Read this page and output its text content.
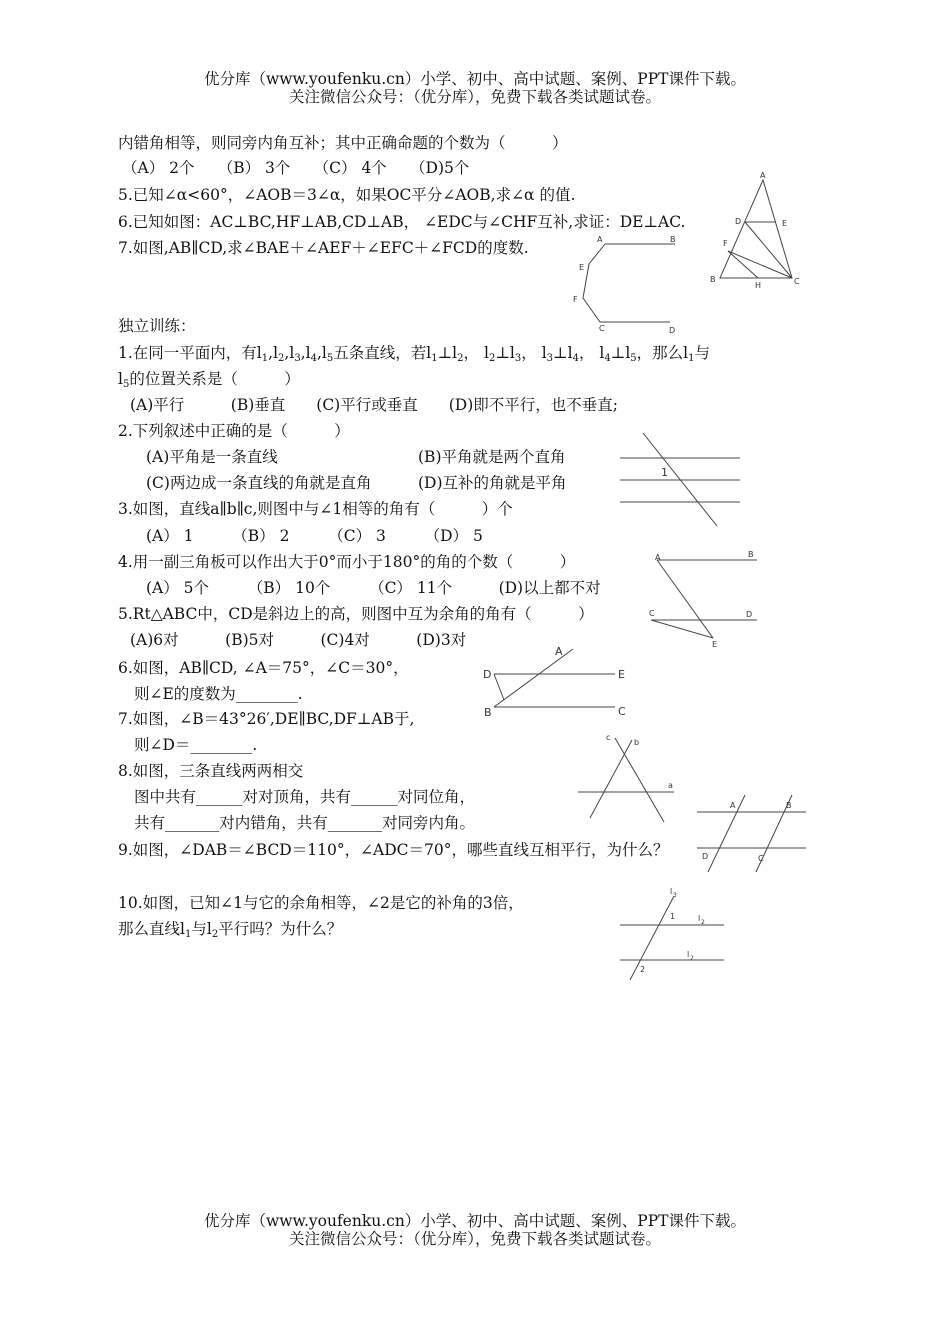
优分库（www.youfenku.cn）小学、初中、高中试题、案例、PPT课件下载。
关注微信公众号：（优分库），免费下载各类试题试卷。
内错角相等，则同旁内角互补；其中正确命题的个数为（　　　）
（A） 2个　　（B） 3个　　（C） 4个　　（D)5个
5.已知∠α<60°，∠AOB＝3∠α，如果OC平分∠AOB,求∠α 的值.
6.已知如图：AC⊥BC,HF⊥AB,CD⊥AB， ∠EDC与∠CHF互补,求证：DE⊥AC.
7.如图,AB∥CD,求∠BAE＋∠AEF＋∠EFC＋∠FCD的度数.
A
D	E
F
B
H	C
A	B
E
F
C	D
独立训练：
1.在同一平面内，有$l_1,l_2,l_3,l_4,l_5$五条直线，若$l_1\perp l_2$， $l_2\perp l_3$， $l_3\perp l_4$， $l_4\perp l_5$，那么$l_1$与
$l_5$的位置关系是（　　　）
(A)平行　　　(B)垂直　　(C)平行或垂直　　(D)即不平行，也不垂直;
2.下列叙述中正确的是（　　　）
(A)平角是一条直线	(B)平角就是两个直角
(C)两边成一条直线的角就是直角	(D)互补的角就是平角
1
3.如图，直线a∥b∥c,则图中与∠1相等的角有（　　　）个
(A） 1　　　（B） 2　　　（C） 3　　　（D） 5
4.用一副三角板可以作出大于0°而小于180°的角的个数（　　　）
(A） 5个　　　（B） 10个　　　（C） 11个　　　(D)以上都不对
A	B
C	D
E
5.Rt△ABC中，CD是斜边上的高，则图中互为余角的角有（　　　）
(A)6对　　　(B)5对　　　(C)4对　　　(D)3对
6.如图，AB∥CD, ∠A＝75°，∠C＝30°，
则∠E的度数为________.
D	E
A
B	C
7.如图，∠B＝43°26′,DE∥BC,DF⊥AB于,
则∠D＝________.	c
b
a
8.如图，三条直线两两相交
图中共有______对对顶角，共有______对同位角，
共有_______对内错角，共有_______对同旁内角。
A	B
D	C
9.如图，∠DAB＝∠BCD＝110°，∠ADC＝70°，哪些直线互相平行，为什么？
10.如图，已知∠1与它的余角相等，∠2是它的补角的3倍，
那么直线$l_1$与$l_2$平行吗？为什么？
l 3
1	l 2
l 2
2
优分库（www.youfenku.cn）小学、初中、高中试题、案例、PPT课件下载。
关注微信公众号：（优分库），免费下载各类试题试卷。
